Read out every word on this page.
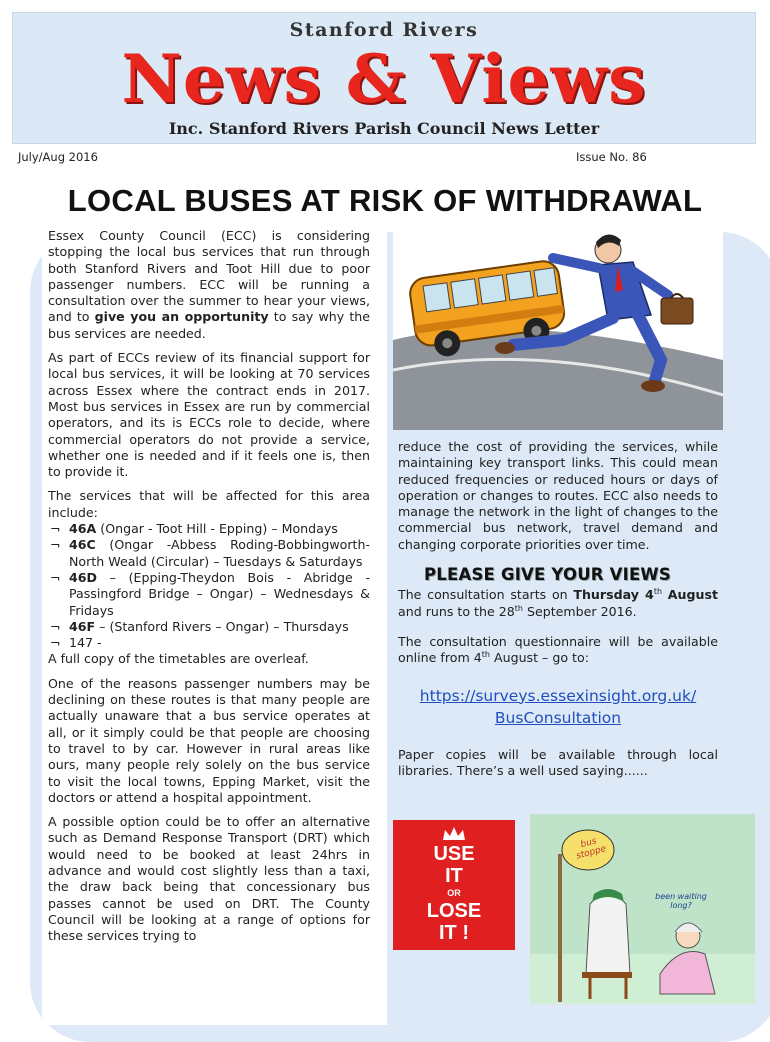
Stanford Rivers
News & Views
Inc. Stanford Rivers Parish Council News Letter
July/Aug 2016	Issue No. 86
LOCAL BUSES AT RISK OF WITHDRAWAL

Essex County Council (ECC) is considering stopping the local bus services that run through both Stanford Rivers and Toot Hill due to poor passenger numbers. ECC will be running a consultation over the summer to hear your views, and to give you an opportunity to say why the bus services are needed.

As part of ECCs review of its financial support for local bus services, it will be looking at 70 services across Essex where the contract ends in 2017. Most bus services in Essex are run by commercial operators, and its is ECCs role to decide, where commercial operators do not provide a service, whether one is needed and if it feels one is, then to provide it.

The services that will be affected for this area include:

¬ 46A (Ongar - Toot Hill - Epping) – Mondays
¬ 46C (Ongar -Abbess Roding-Bobbingworth-North Weald (Circular) – Tuesdays & Saturdays
¬ 46D – (Epping-Theydon Bois - Abridge - Passingford Bridge – Ongar) – Wednesdays & Fridays
¬ 46F – (Stanford Rivers – Ongar) – Thursdays
¬ 147 -

A full copy of the timetables are overleaf.

One of the reasons passenger numbers may be declining on these routes is that many people are actually unaware that a bus service operates at all, or it simply could be that people are choosing to travel to by car. However in rural areas like ours, many people rely solely on the bus service to visit the local towns, Epping Market, visit the doctors or attend a hospital appointment.

A possible option could be to offer an alternative such as Demand Response Transport (DRT) which would need to be booked at least 24hrs in advance and would cost slightly less than a taxi, the draw back being that concessionary bus passes cannot be used on DRT. The County Council will be looking at a range of options for these services trying to

reduce the cost of providing the services, while maintaining key transport links. This could mean reduced frequencies or reduced hours or days of operation or changes to routes. ECC also needs to manage the network in the light of changes to the commercial bus network, travel demand and changing corporate priorities over time.

PLEASE GIVE YOUR VIEWS

The consultation starts on Thursday 4th August and runs to the 28th September 2016.

The consultation questionnaire will be available online from 4th August – go to:

https://surveys.essexinsight.org.uk/
BusConsultation

Paper copies will be available through local libraries. There’s a well used saying......

USE
IT
OR
LOSE
IT !
bus stoppe
been waiting long?
